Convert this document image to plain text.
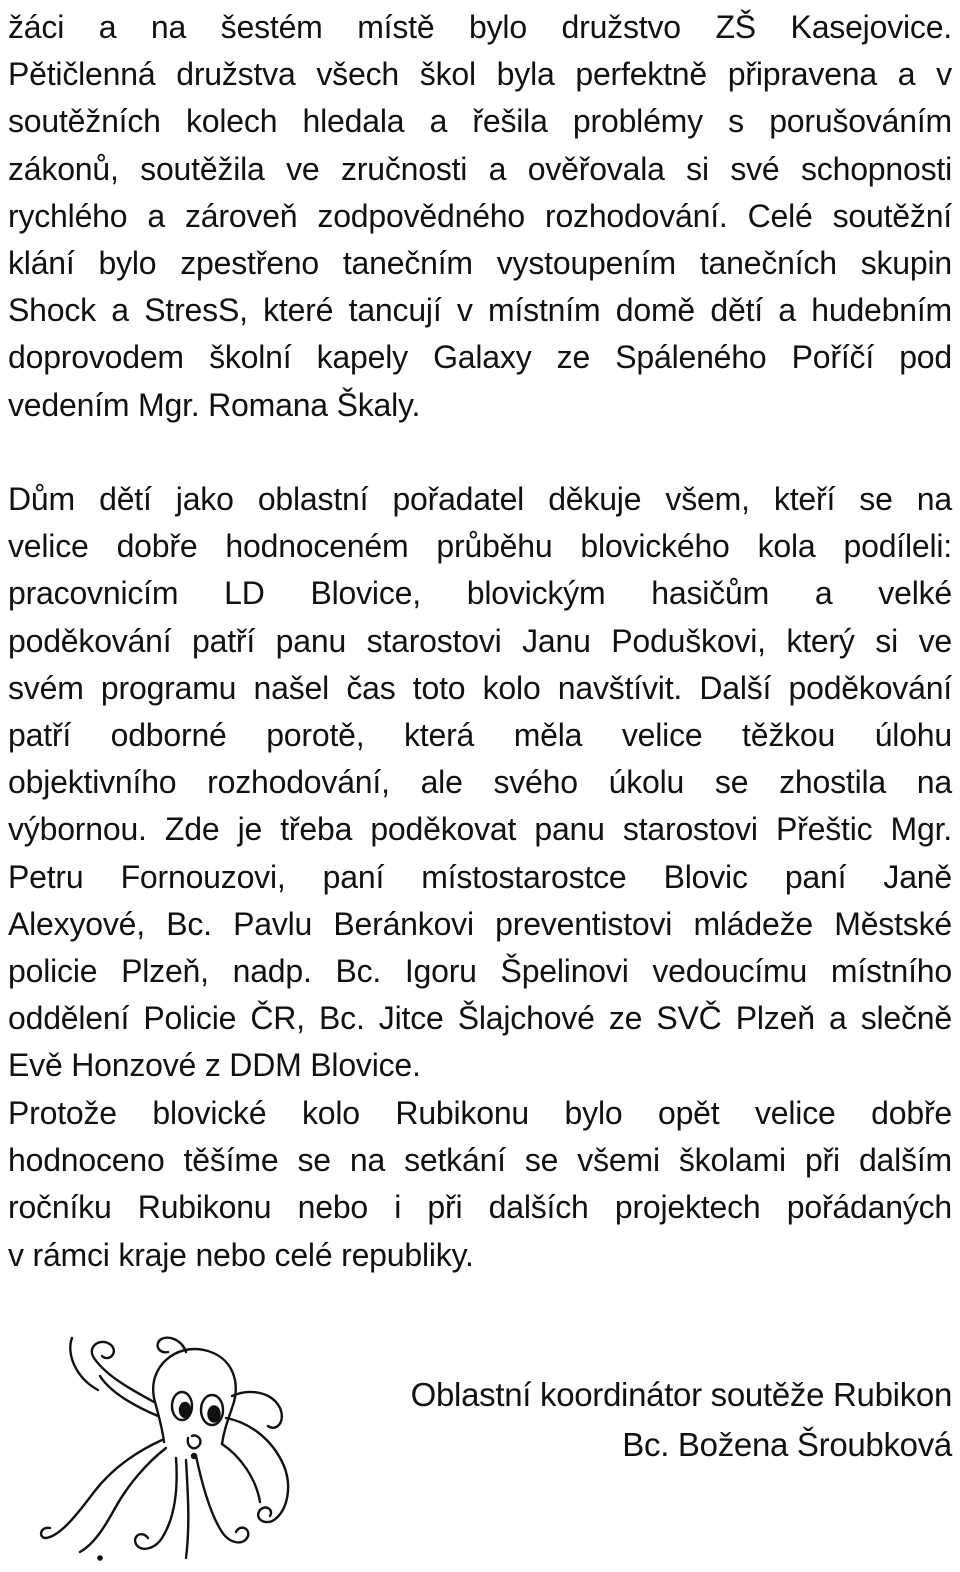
žáci a na šestém místě bylo družstvo ZŠ Kasejovice.
Pětičlenná družstva všech škol byla perfektně připravena a v
soutěžních kolech hledala a řešila problémy s porušováním
zákonů, soutěžila ve zručnosti a ověřovala si své schopnosti
rychlého a zároveň zodpovědného rozhodování. Celé soutěžní
klání bylo zpestřeno tanečním vystoupením tanečních skupin
Shock a StresS, které tancují v místním domě dětí a hudebním
doprovodem školní kapely Galaxy ze Spáleného Poříčí pod
vedením Mgr. Romana Škaly.
Dům dětí jako oblastní pořadatel děkuje všem, kteří se na
velice dobře hodnoceném průběhu blovického kola podíleli:
pracovnicím LD Blovice, blovickým hasičům a velké
poděkování patří panu starostovi Janu Poduškovi, který si ve
svém programu našel čas toto kolo navštívit. Další poděkování
patří odborné porotě, která měla velice těžkou úlohu
objektivního rozhodování, ale svého úkolu se zhostila na
výbornou. Zde je třeba poděkovat panu starostovi Přeštic Mgr.
Petru Fornouzovi, paní místostarostce Blovic paní Janě
Alexyové, Bc. Pavlu Beránkovi preventistovi mládeže Městské
policie Plzeň, nadp. Bc. Igoru Špelinovi vedoucímu místního
oddělení Policie ČR, Bc. Jitce Šlajchové ze SVČ Plzeň a slečně
Evě Honzové z DDM Blovice.
Protože blovické kolo Rubikonu bylo opět velice dobře
hodnoceno těšíme se na setkání se všemi školami při dalším
ročníku Rubikonu nebo i při dalších projektech pořádaných
v rámci kraje nebo celé republiky.
Oblastní koordinátor soutěže Rubikon
Bc. Božena Šroubková
